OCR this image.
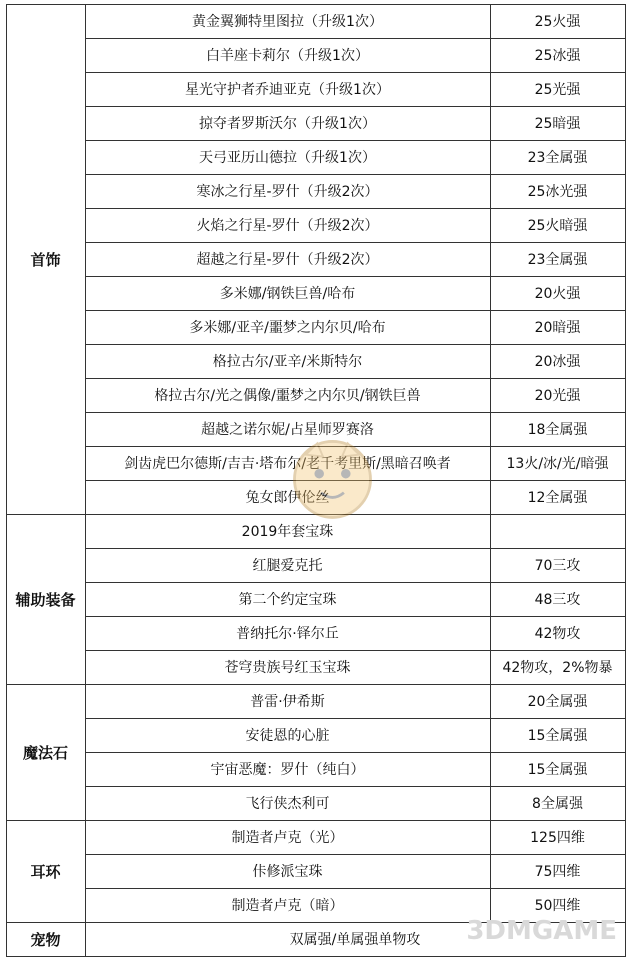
首饰
黄金翼狮特里图拉（升级1次）	25火强
白羊座卡莉尔（升级1次）	25冰强
星光守护者乔迪亚克（升级1次）	25光强
掠夺者罗斯沃尔（升级1次）	25暗强
天弓亚历山德拉（升级1次）	23全属强
寒冰之行星-罗什（升级2次）	25冰光强
火焰之行星-罗什（升级2次）	25火暗强
超越之行星-罗什（升级2次）	23全属强
多米娜/钢铁巨兽/哈布	20火强
多米娜/亚辛/噩梦之内尔贝/哈布	20暗强
格拉古尔/亚辛/米斯特尔	20冰强
格拉古尔/光之偶像/噩梦之内尔贝/钢铁巨兽	20光强
超越之诺尔妮/占星师罗赛洛	18全属强
剑齿虎巴尔德斯/吉吉·塔布尔/老千考里斯/黑暗召唤者	13火/冰/光/暗强
兔女郎伊伦丝	12全属强
辅助装备
2019年套宝珠
红腿爱克托	70三攻
第二个约定宝珠	48三攻
普纳托尔·铎尔丘	42物攻
苍穹贵族号红玉宝珠	42物攻，2%物暴
魔法石
普雷·伊希斯	20全属强
安徒恩的心脏	15全属强
宇宙恶魔：罗什（纯白）	15全属强
飞行侠杰利可	8全属强
耳环
制造者卢克（光）	125四维
佧修派宝珠	75四维
制造者卢克（暗）	50四维
宠物	双属强/单属强单物攻	3DMGAME
